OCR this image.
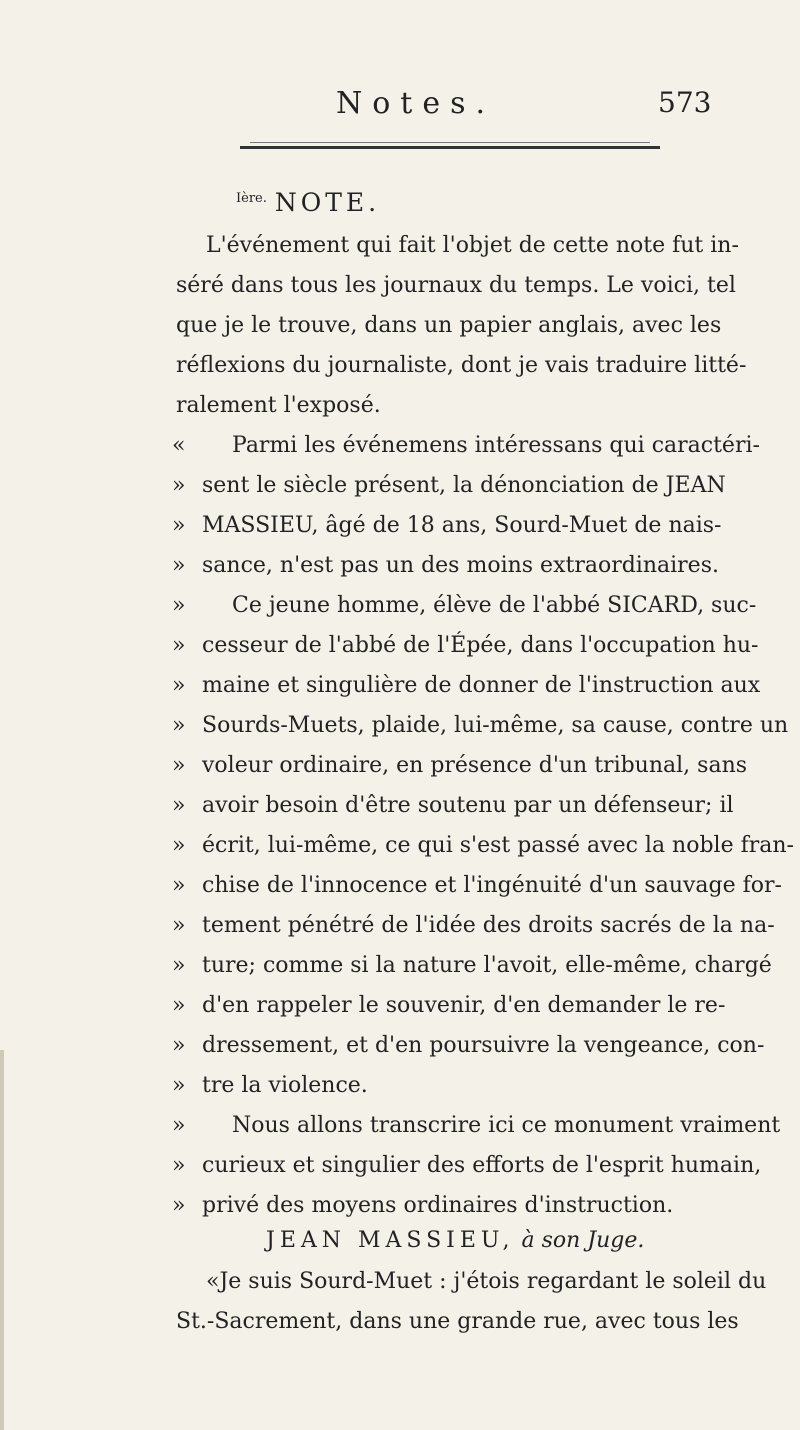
Notes.	573
$^{Ière.}$ NOTE.
L'événement qui fait l'objet de cette note fut in-
séré dans tous les journaux du temps. Le voici, tel
que je le trouve, dans un papier anglais, avec les
réflexions du journaliste, dont je vais traduire litté-
ralement l'exposé.
« Parmi les événemens intéressans qui caractéri-
» sent le siècle présent, la dénonciation de JEAN
» MASSIEU, âgé de 18 ans, Sourd-Muet de nais-
» sance, n'est pas un des moins extraordinaires.
» Ce jeune homme, élève de l'abbé SICARD, suc-
» cesseur de l'abbé de l'Épée, dans l'occupation hu-
» maine et singulière de donner de l'instruction aux
» Sourds-Muets, plaide, lui-même, sa cause, contre un
» voleur ordinaire, en présence d'un tribunal, sans
» avoir besoin d'être soutenu par un défenseur; il
» écrit, lui-même, ce qui s'est passé avec la noble fran-
» chise de l'innocence et l'ingénuité d'un sauvage for-
» tement pénétré de l'idée des droits sacrés de la na-
» ture; comme si la nature l'avoit, elle-même, chargé
» d'en rappeler le souvenir, d'en demander le re-
» dressement, et d'en poursuivre la vengeance, con-
» tre la violence.
» Nous allons transcrire ici ce monument vraiment
» curieux et singulier des efforts de l'esprit humain,
» privé des moyens ordinaires d'instruction.
JEAN MASSIEU, à son Juge.
«Je suis Sourd-Muet : j'étois regardant le soleil du
St.-Sacrement, dans une grande rue, avec tous les
